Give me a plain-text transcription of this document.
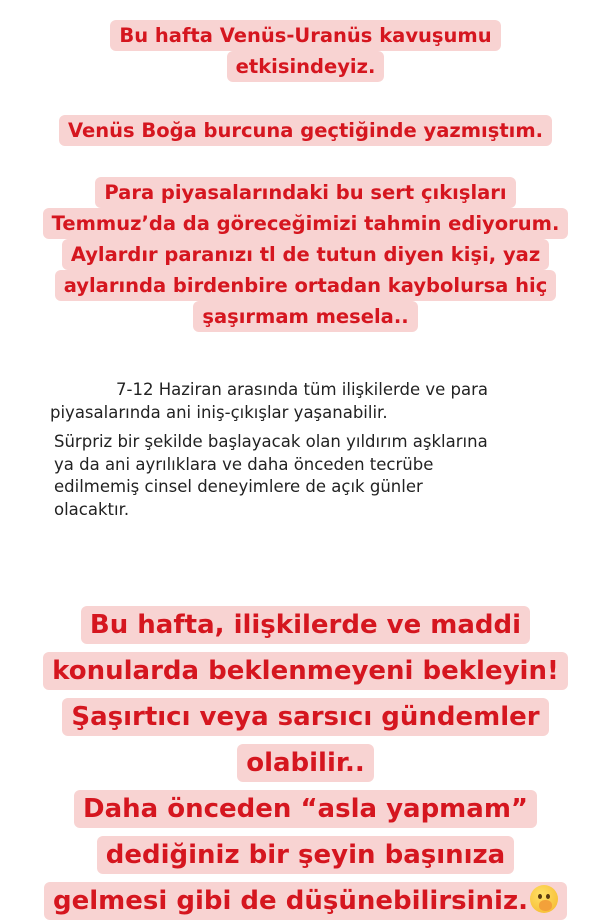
Bu hafta Venüs-Uranüs kavuşumu
etkisindeyiz.
Venüs Boğa burcuna geçtiğinde yazmıştım.
Para piyasalarındaki bu sert çıkışları
Temmuz’da da göreceğimizi tahmin ediyorum.
Aylardır paranızı tl de tutun diyen kişi, yaz
aylarında birdenbire ortadan kaybolursa hiç
şaşırmam mesela..
7-12 Haziran arasında tüm ilişkilerde ve para
piyasalarında ani iniş-çıkışlar yaşanabilir.
Sürpriz bir şekilde başlayacak olan yıldırım aşklarına
ya da ani ayrılıklara ve daha önceden tecrübe
edilmemiş cinsel deneyimlere de açık günler
olacaktır.
Bu hafta, ilişkilerde ve maddi
konularda beklenmeyeni bekleyin!
Şaşırtıcı veya sarsıcı gündemler
olabilir..
Daha önceden “asla yapmam”
dediğiniz bir şeyin başınıza
gelmesi gibi de düşünebilirsiniz.
